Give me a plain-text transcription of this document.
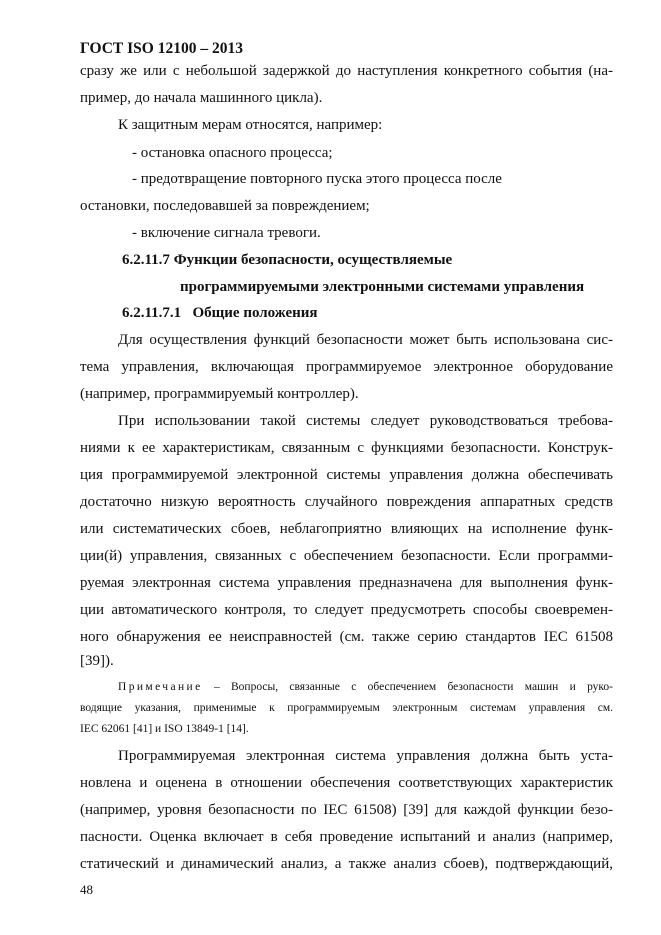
ГОСТ ISO 12100 – 2013
сразу же или с небольшой задержкой до наступления конкретного события (на-
пример, до начала машинного цикла).
К защитным мерам относятся, например:
- остановка опасного процесса;
- предотвращение повторного пуска этого процесса после
остановки, последовавшей за повреждением;
- включение сигнала тревоги.
6.2.11.7 Функции безопасности, осуществляемые
программируемыми электронными системами управления
6.2.11.7.1 Общие положения
Для осуществления функций безопасности может быть использована сис-
тема управления, включающая программируемое электронное оборудование
(например, программируемый контроллер).
При использовании такой системы следует руководствоваться требова-
ниями к ее характеристикам, связанным с функциями безопасности. Конструк-
ция программируемой электронной системы управления должна обеспечивать
достаточно низкую вероятность случайного повреждения аппаратных средств
или систематических сбоев, неблагоприятно влияющих на исполнение функ-
ции(й) управления, связанных с обеспечением безопасности. Если программи-
руемая электронная система управления предназначена для выполнения функ-
ции автоматического контроля, то следует предусмотреть способы своевремен-
ного обнаружения ее неисправностей (см. также серию стандартов IEC 61508
[39]).
Примечание – Вопросы, связанные с обеспечением безопасности машин и руко-
водящие указания, применимые к программируемым электронным системам управления см.
IEC 62061 [41] и ISO 13849-1 [14].
Программируемая электронная система управления должна быть уста-
новлена и оценена в отношении обеспечения соответствующих характеристик
(например, уровня безопасности по IEC 61508) [39] для каждой функции безо-
пасности. Оценка включает в себя проведение испытаний и анализ (например,
статический и динамический анализ, а также анализ сбоев), подтверждающий,
48
